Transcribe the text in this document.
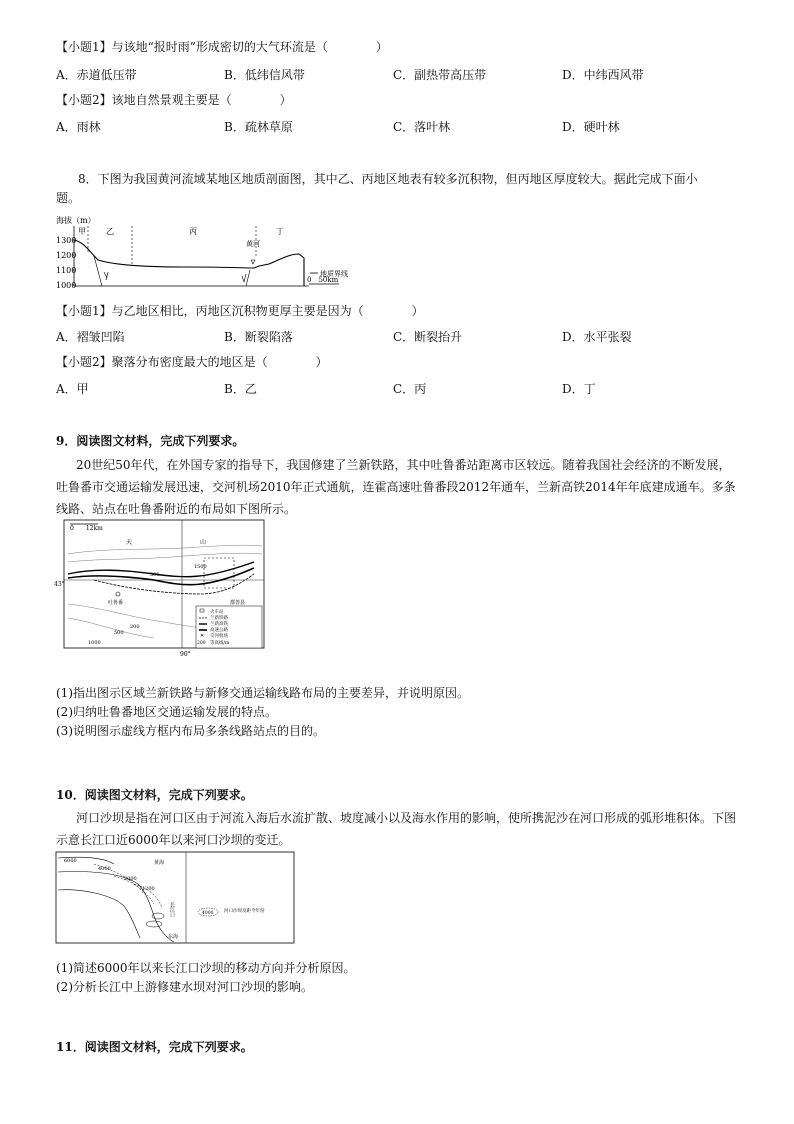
【小题1】与该地“报时雨”形成密切的大气环流是（　　　　）
A．赤道低压带	B．低纬信风带	C．副热带高压带	D．中纬西风带
【小题2】该地自然景观主要是（　　　　）
A．雨林	B．疏林草原	C．落叶林	D．硬叶林
8．下图为我国黄河流域某地区地质剖面图，其中乙、丙地区地表有较多沉积物，但丙地区厚度较大。据此完成下面小
题。
海拔（m）
1300
1200
1100
1000
甲	乙	丙	丁
黄河
地质界线
0　50km
【小题1】与乙地区相比，丙地区沉积物更厚主要是因为（　　　　）
A．褶皱凹陷	B．断裂陷落	C．断裂抬升	D．水平张裂
【小题2】聚落分布密度最大的地区是（　　　　）
A．甲	B．乙	C．丙	D．丁
9．阅读图文材料，完成下列要求。
20世纪50年代，在外国专家的指导下，我国修建了兰新铁路，其中吐鲁番站距离市区较远。随着我国社会经济的不断发展，吐鲁番市交通运输发展迅速，交河机场2010年正式通航，连霍高速吐鲁番段2012年通车，兰新高铁2014年年底建成通车。多条线路、站点在吐鲁番附近的布局如下图所示。
0　　12km
天	山
43°
90°
1500
500
200
1000
500
吐鲁番	鄯善县
火车站
兰新铁路
兰新高铁
高速公路
✕ 交河机场
200 等高线/m
(1)指出图示区域兰新铁路与新修交通运输线路布局的主要差异，并说明原因。
(2)归纳吐鲁番地区交通运输发展的特点。
(3)说明图示虚线方框内布局多条线路站点的目的。
10．阅读图文材料，完成下列要求。
河口沙坝是指在河口区由于河流入海后水流扩散、坡度减小以及海水作用的影响，使所携泥沙在河口形成的弧形堆积体。下图示意长江口近6000年以来河口沙坝的变迁。
6000
4000
2000
1200
黄海
东海
长江口	4000 河口沙坝及距今年份
(1)简述6000年以来长江口沙坝的移动方向并分析原因。
(2)分析长江中上游修建水坝对河口沙坝的影响。
11．阅读图文材料，完成下列要求。
